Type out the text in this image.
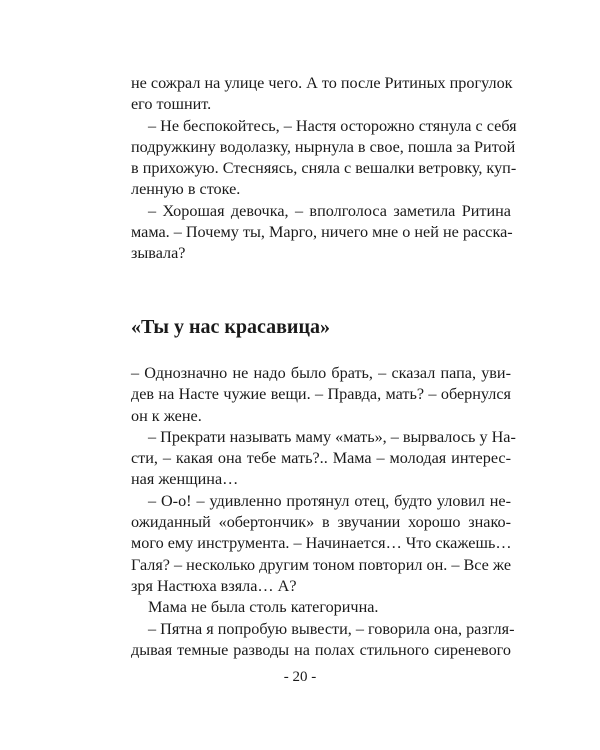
не сожрал на улице чего. А то после Ритиных прогулок
его тошнит.
– Не беспокойтесь, – Настя осторожно стянула с себя
подружкину водолазку, нырнула в свое, пошла за Ритой
в прихожую. Стесняясь, сняла с вешалки ветровку, куп-
ленную в стоке.
– Хорошая девочка, – вполголоса заметила Ритина
мама. – Почему ты, Марго, ничего мне о ней не расска-
зывала?
«Ты у нас красавица»
– Однозначно не надо было брать, – сказал папа, уви-
дев на Насте чужие вещи. – Правда, мать? – обернулся
он к жене.
– Прекрати называть маму «мать», – вырвалось у На-
сти, – какая она тебе мать?.. Мама – молодая интерес-
ная женщина…
– О-о! – удивленно протянул отец, будто уловил не-
ожиданный «обертончик» в звучании хорошо знако-
мого ему инструмента. – Начинается… Что скажешь…
Галя? – несколько другим тоном повторил он. – Все же
зря Настюха взяла… А?
Мама не была столь категорична.
– Пятна я попробую вывести, – говорила она, разгля-
дывая темные разводы на полах стильного сиреневого
- 20 -
